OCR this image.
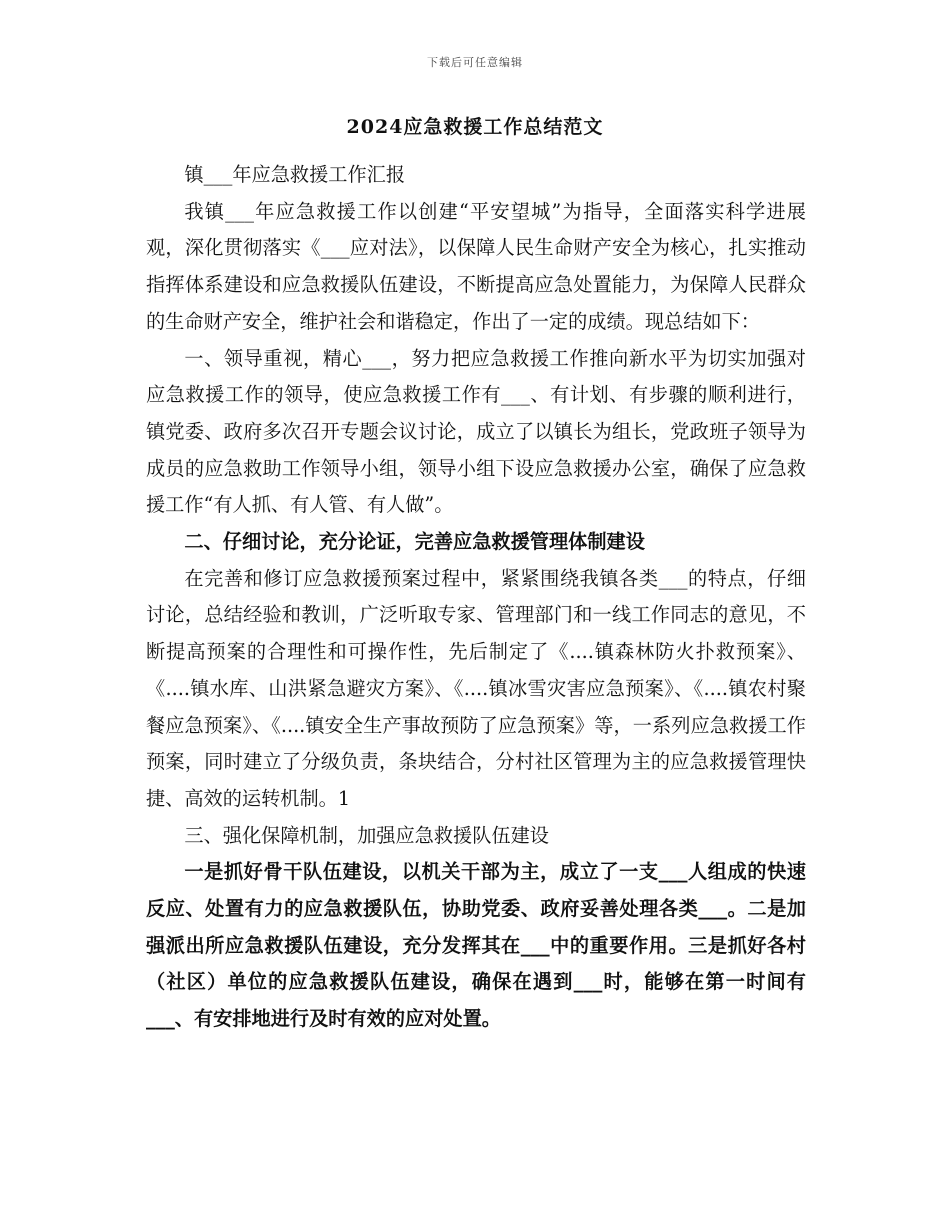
下载后可任意编辑
2024应急救援工作总结范文

镇___年应急救援工作汇报

我镇___年应急救援工作以创建“平安望城”为指导，全面落实科学进展观，深化贯彻落实《___应对法》，以保障人民生命财产安全为核心，扎实推动指挥体系建设和应急救援队伍建设，不断提高应急处置能力，为保障人民群众的生命财产安全，维护社会和谐稳定，作出了一定的成绩。现总结如下：

一、领导重视，精心___，努力把应急救援工作推向新水平为切实加强对应急救援工作的领导，使应急救援工作有___、有计划、有步骤的顺利进行，镇党委、政府多次召开专题会议讨论，成立了以镇长为组长，党政班子领导为成员的应急救助工作领导小组，领导小组下设应急救援办公室，确保了应急救援工作“有人抓、有人管、有人做”。

二、仔细讨论，充分论证，完善应急救援管理体制建设

在完善和修订应急救援预案过程中，紧紧围绕我镇各类___的特点，仔细讨论，总结经验和教训，广泛听取专家、管理部门和一线工作同志的意见，不断提高预案的合理性和可操作性，先后制定了《....镇森林防火扑救预案》、《....镇水库、山洪紧急避灾方案》、《....镇冰雪灾害应急预案》、《....镇农村聚餐应急预案》、《....镇安全生产事故预防了应急预案》等，一系列应急救援工作预案，同时建立了分级负责，条块结合，分村社区管理为主的应急救援管理快捷、高效的运转机制。1

三、强化保障机制，加强应急救援队伍建设

一是抓好骨干队伍建设，以机关干部为主，成立了一支___人组成的快速反应、处置有力的应急救援队伍，协助党委、政府妥善处理各类___。二是加强派出所应急救援队伍建设，充分发挥其在___中的重要作用。三是抓好各村（社区）单位的应急救援队伍建设，确保在遇到___时，能够在第一时间有___、有安排地进行及时有效的应对处置。
